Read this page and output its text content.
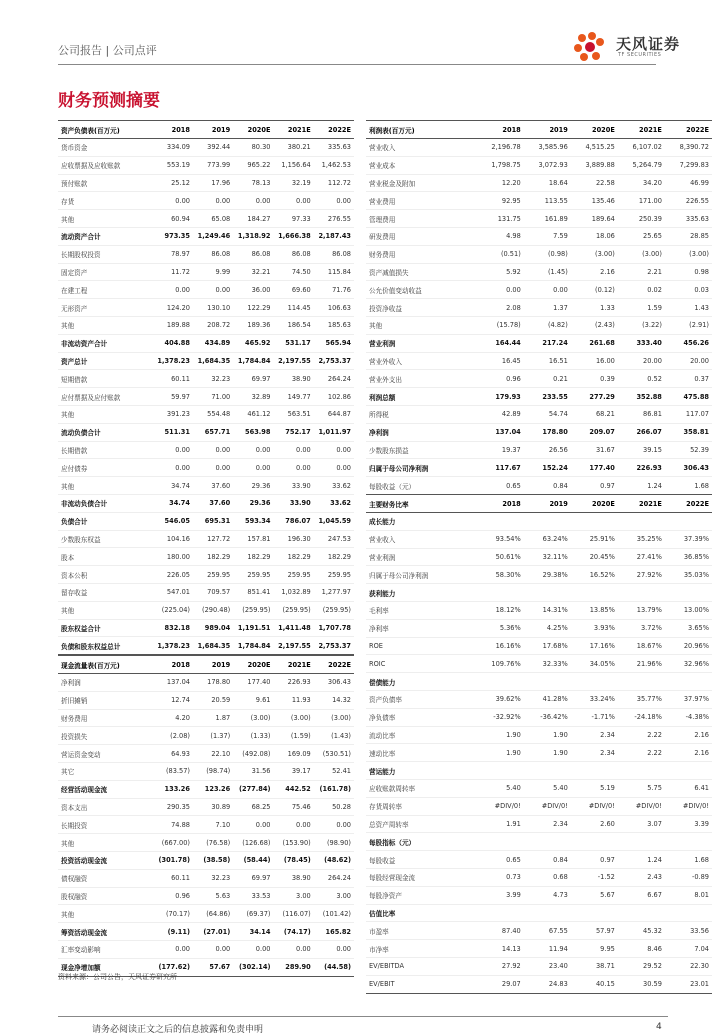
公司报告 | 公司点评	天风证券
TF SECURITIES
财务预测摘要
资产负债表(百万元)	2018	2019	2020E	2021E	2022E
货币资金	334.09	392.44	80.30	380.21	335.63
应收票据及应收账款	553.19	773.99	965.22	1,156.64	1,462.53
预付账款	25.12	17.96	78.13	32.19	112.72
存货	0.00	0.00	0.00	0.00	0.00
其他	60.94	65.08	184.27	97.33	276.55
流动资产合计	973.35	1,249.46	1,318.92	1,666.38	2,187.43
长期股权投资	78.97	86.08	86.08	86.08	86.08
固定资产	11.72	9.99	32.21	74.50	115.84
在建工程	0.00	0.00	36.00	69.60	71.76
无形资产	124.20	130.10	122.29	114.45	106.63
其他	189.88	208.72	189.36	186.54	185.63
非流动资产合计	404.88	434.89	465.92	531.17	565.94
资产总计	1,378.23	1,684.35	1,784.84	2,197.55	2,753.37
短期借款	60.11	32.23	69.97	38.90	264.24
应付票据及应付账款	59.97	71.00	32.89	149.77	102.86
其他	391.23	554.48	461.12	563.51	644.87
流动负债合计	511.31	657.71	563.98	752.17	1,011.97
长期借款	0.00	0.00	0.00	0.00	0.00
应付债券	0.00	0.00	0.00	0.00	0.00
其他	34.74	37.60	29.36	33.90	33.62
非流动负债合计	34.74	37.60	29.36	33.90	33.62
负债合计	546.05	695.31	593.34	786.07	1,045.59
少数股东权益	104.16	127.72	157.81	196.30	247.53
股本	180.00	182.29	182.29	182.29	182.29
资本公积	226.05	259.95	259.95	259.95	259.95
留存收益	547.01	709.57	851.41	1,032.89	1,277.97
其他	(225.04)	(290.48)	(259.95)	(259.95)	(259.95)
股东权益合计	832.18	989.04	1,191.51	1,411.48	1,707.78
负债和股东权益总计	1,378.23	1,684.35	1,784.84	2,197.55	2,753.37
利润表(百万元)	2018	2019	2020E	2021E	2022E
营业收入	2,196.78	3,585.96	4,515.25	6,107.02	8,390.72
营业成本	1,798.75	3,072.93	3,889.88	5,264.79	7,299.83
营业税金及附加	12.20	18.64	22.58	34.20	46.99
营业费用	92.95	113.55	135.46	171.00	226.55
管理费用	131.75	161.89	189.64	250.39	335.63
研发费用	4.98	7.59	18.06	25.65	28.85
财务费用	(0.51)	(0.98)	(3.00)	(3.00)	(3.00)
资产减值损失	5.92	(1.45)	2.16	2.21	0.98
公允价值变动收益	0.00	0.00	(0.12)	0.02	0.03
投资净收益	2.08	1.37	1.33	1.59	1.43
其他	(15.78)	(4.82)	(2.43)	(3.22)	(2.91)
营业利润	164.44	217.24	261.68	333.40	456.26
营业外收入	16.45	16.51	16.00	20.00	20.00
营业外支出	0.96	0.21	0.39	0.52	0.37
利润总额	179.93	233.55	277.29	352.88	475.88
所得税	42.89	54.74	68.21	86.81	117.07
净利润	137.04	178.80	209.07	266.07	358.81
少数股东损益	19.37	26.56	31.67	39.15	52.39
归属于母公司净利润	117.67	152.24	177.40	226.93	306.43
每股收益（元）	0.65	0.84	0.97	1.24	1.68
主要财务比率	2018	2019	2020E	2021E	2022E
成长能力					
营业收入	93.54%	63.24%	25.91%	35.25%	37.39%
营业利润	50.61%	32.11%	20.45%	27.41%	36.85%
归属于母公司净利润	58.30%	29.38%	16.52%	27.92%	35.03%
获利能力					
毛利率	18.12%	14.31%	13.85%	13.79%	13.00%
净利率	5.36%	4.25%	3.93%	3.72%	3.65%
ROE	16.16%	17.68%	17.16%	18.67%	20.96%
ROIC	109.76%	32.33%	34.05%	21.96%	32.96%
偿债能力					
资产负债率	39.62%	41.28%	33.24%	35.77%	37.97%
净负债率	-32.92%	-36.42%	-1.71%	-24.18%	-4.38%
流动比率	1.90	1.90	2.34	2.22	2.16
速动比率	1.90	1.90	2.34	2.22	2.16
营运能力					
应收账款周转率	5.40	5.40	5.19	5.75	6.41
存货周转率	#DIV/0!	#DIV/0!	#DIV/0!	#DIV/0!	#DIV/0!
总资产周转率	1.91	2.34	2.60	3.07	3.39
每股指标（元）					
每股收益	0.65	0.84	0.97	1.24	1.68
每股经营现金流	0.73	0.68	-1.52	2.43	-0.89
每股净资产	3.99	4.73	5.67	6.67	8.01
估值比率					
市盈率	87.40	67.55	57.97	45.32	33.56
市净率	14.13	11.94	9.95	8.46	7.04
EV/EBITDA	27.92	23.40	38.71	29.52	22.30
EV/EBIT	29.07	24.83	40.15	30.59	23.01
现金流量表(百万元)	2018	2019	2020E	2021E	2022E
净利润	137.04	178.80	177.40	226.93	306.43
折旧摊销	12.74	20.59	9.61	11.93	14.32
财务费用	4.20	1.87	(3.00)	(3.00)	(3.00)
投资损失	(2.08)	(1.37)	(1.33)	(1.59)	(1.43)
营运资金变动	64.93	22.10	(492.08)	169.09	(530.51)
其它	(83.57)	(98.74)	31.56	39.17	52.41
经营活动现金流	133.26	123.26	(277.84)	442.52	(161.78)
资本支出	290.35	30.89	68.25	75.46	50.28
长期投资	74.88	7.10	0.00	0.00	0.00
其他	(667.00)	(76.58)	(126.68)	(153.90)	(98.90)
投资活动现金流	(301.78)	(38.58)	(58.44)	(78.45)	(48.62)
债权融资	60.11	32.23	69.97	38.90	264.24
股权融资	0.96	5.63	33.53	3.00	3.00
其他	(70.17)	(64.86)	(69.37)	(116.07)	(101.42)
筹资活动现金流	(9.11)	(27.01)	34.14	(74.17)	165.82
汇率变动影响	0.00	0.00	0.00	0.00	0.00
现金净增加额	(177.62)	57.67	(302.14)	289.90	(44.58)
资料来源：公司公告，天风证券研究所
请务必阅读正文之后的信息披露和免责申明	4
